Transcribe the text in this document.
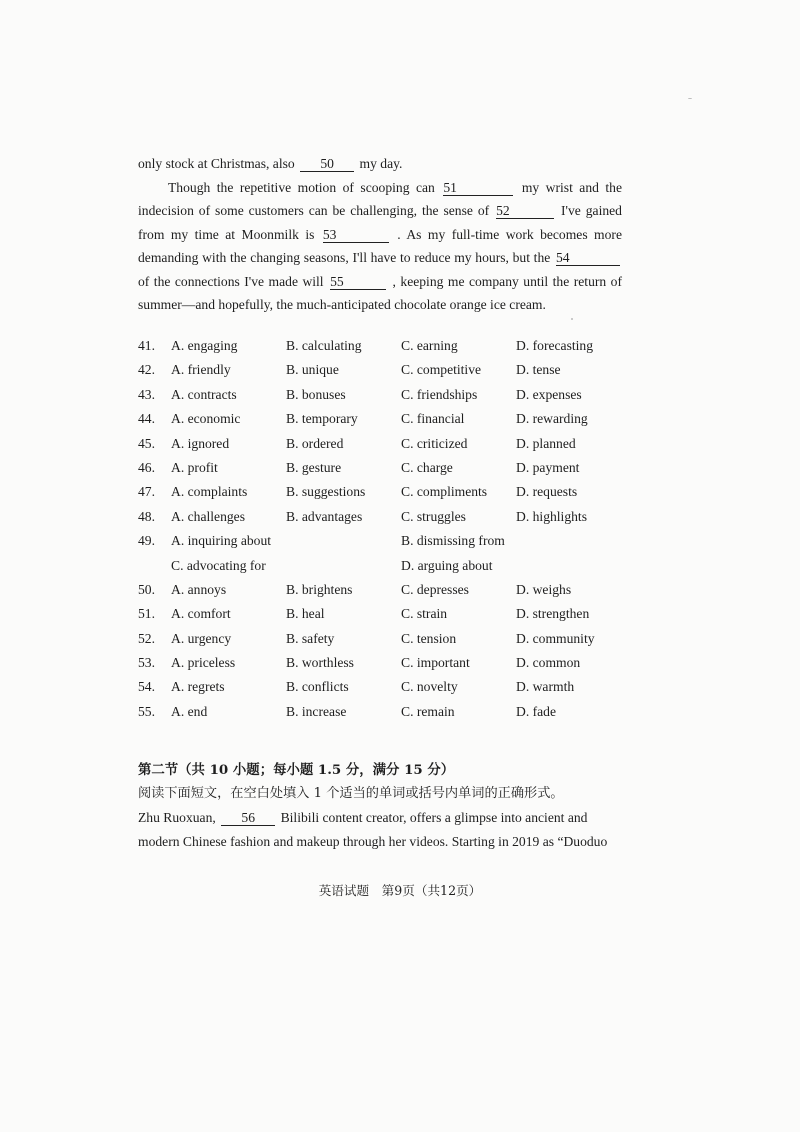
only stock at Christmas, also 50 my day.
Though the repetitive motion of scooping can 51	my wrist and the
indecision of some customers can be challenging, the sense of 52	I've gained
from my time at Moonmilk is 53	. As my full-time work becomes more
demanding with the changing seasons, I'll have to reduce my hours, but the 54
of the connections I've made will 55	, keeping me company until the return of
summer—and hopefully, the much-anticipated chocolate orange ice cream.
41. A. engaging	B. calculating	C. earning	D. forecasting
42. A. friendly	B. unique	C. competitive	D. tense
43. A. contracts	B. bonuses	C. friendships	D. expenses
44. A. economic	B. temporary	C. financial	D. rewarding
45. A. ignored	B. ordered	C. criticized	D. planned
46. A. profit	B. gesture	C. charge	D. payment
47. A. complaints	B. suggestions	C. compliments D. requests
48. A. challenges	B. advantages	C. struggles	D. highlights
49. A. inquiring about	B. dismissing from
C. advocating for	D. arguing about
50. A. annoys	B. brightens	C. depresses	D. weighs
51. A. comfort	B. heal	C. strain	D. strengthen
52. A. urgency	B. safety	C. tension	D. community
53. A. priceless	B. worthless	C. important	D. common
54. A. regrets	B. conflicts	C. novelty	D. warmth
55. A. end	B. increase	C. remain	D. fade
第二节（共 10 小题；每小题 1.5 分，满分 15 分）
阅读下面短文，在空白处填入 1 个适当的单词或括号内单词的正确形式。
Zhu Ruoxuan, 56 Bilibili content creator, offers a glimpse into ancient and
modern Chinese fashion and makeup through her videos. Starting in 2019 as “Duoduo
英语试题　第9页（共12页）
